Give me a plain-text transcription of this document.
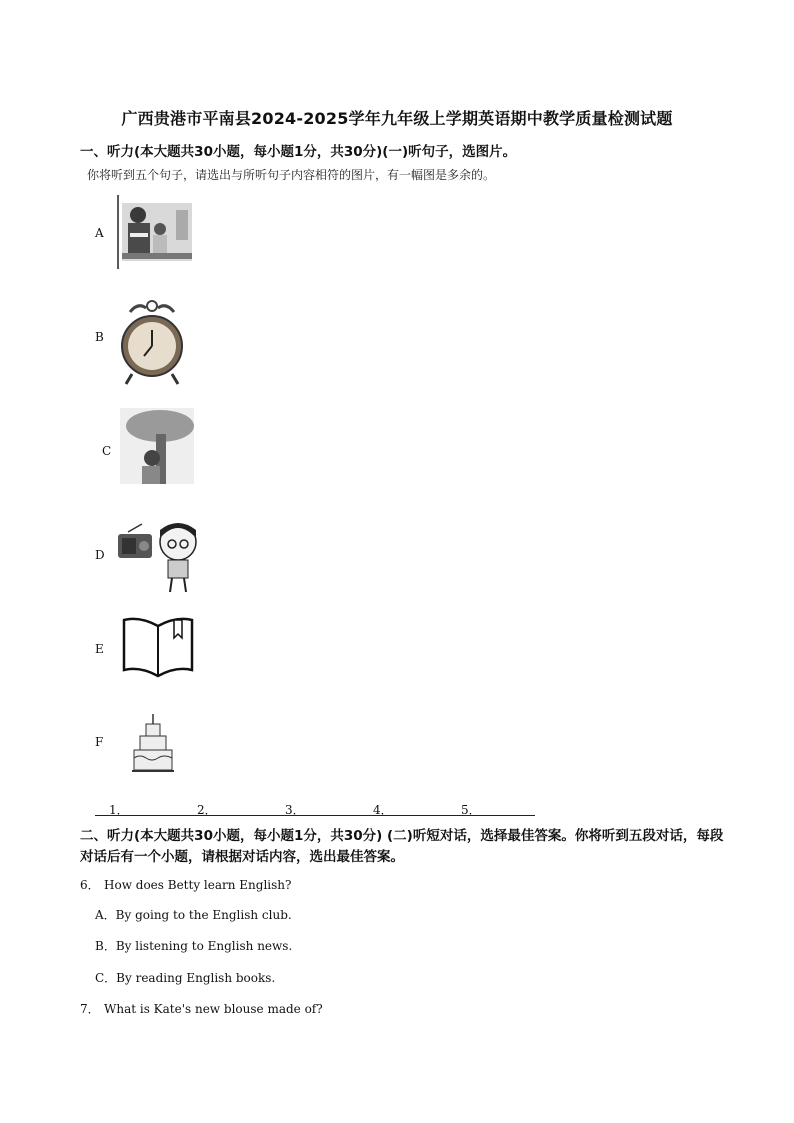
广西贵港市平南县2024-2025学年九年级上学期英语期中教学质量检测试题
一、听力(本大题共30小题，每小题1分，共30分)(一)听句子，选图片。
你将听到五个句子，请选出与所听句子内容相符的图片，有一幅图是多余的。
A
B
C
D
E
F
1．	2．	3．	4．	5．
二、听力(本大题共30小题，每小题1分，共30分) (二)听短对话，选择最佳答案。你将听到五段对话，每段对话后有一个小题，请根据对话内容，选出最佳答案。
6． How does Betty learn English?
A．By going to the English club.
B．By listening to English news.
C．By reading English books.
7． What is Kate's new blouse made of?
